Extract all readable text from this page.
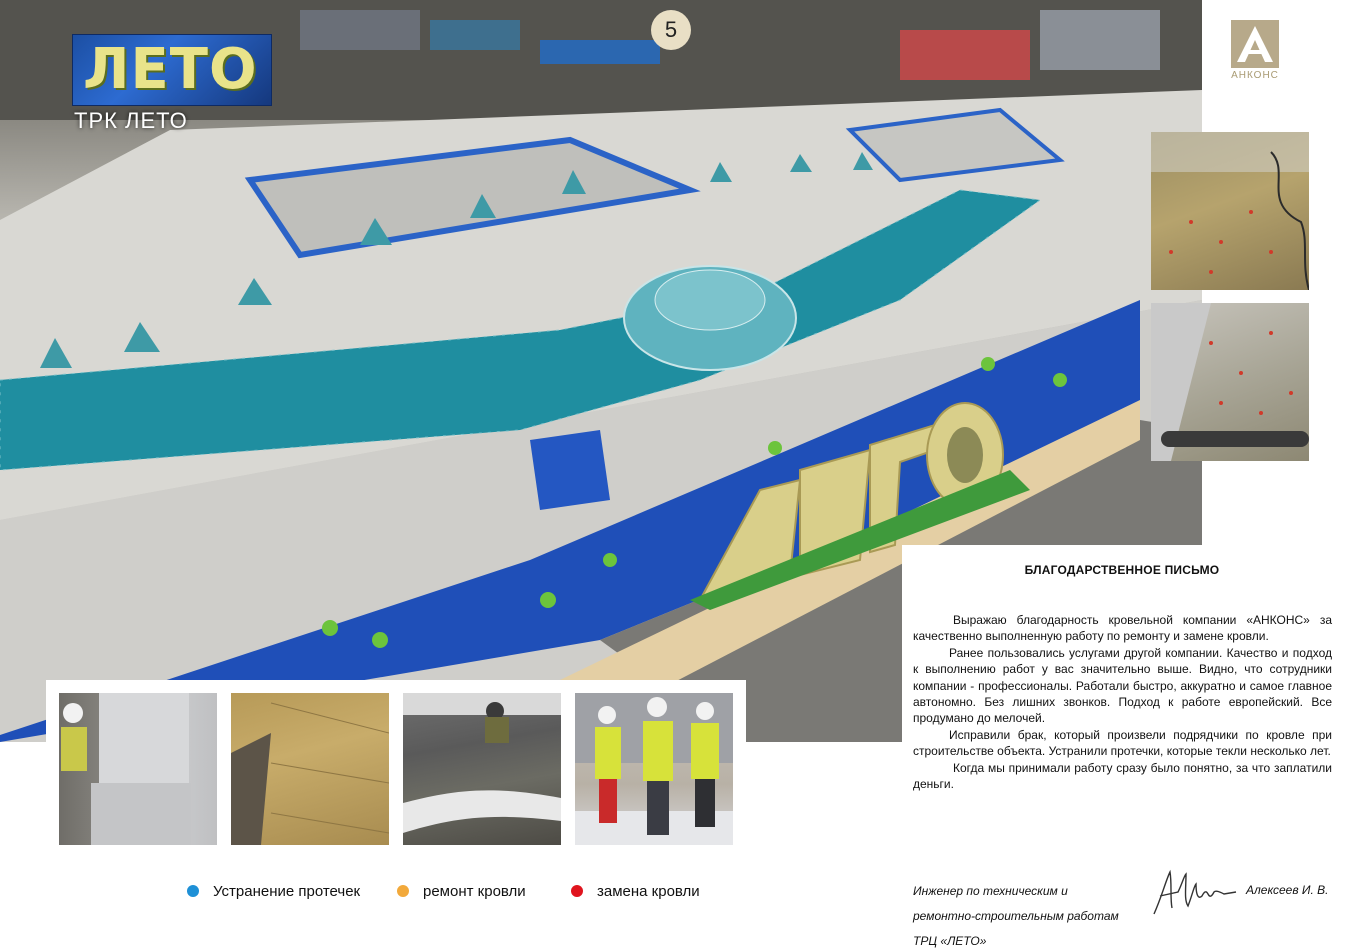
ЛЕТО
ТРК ЛЕТО
5
АНКОНС
БЛАГОДАРСТВЕННОЕ ПИСЬМО

Выражаю благодарность кровельной компании «АНКОНС» за качественно выполненную работу по ремонту и замене кровли.

Ранее пользовались услугами другой компании. Качество и подход к выполнению работ у вас значительно выше. Видно, что сотрудники компании - профессионалы. Работали быстро, аккуратно и самое главное автономно. Без лишних звонков. Подход к работе европейский. Все продумано до мелочей.

Исправили брак, который произвели подрядчики по кровле при строительстве объекта. Устранили протечки, которые текли несколько лет.

Когда мы принимали работу сразу было понятно, за что заплатили деньги.

Устранение протечек	ремонт кровли	замена кровли	Инженер по техническим и
ремонтно-строительным работам
ТРЦ «ЛЕТО»
Алексеев И. В.
